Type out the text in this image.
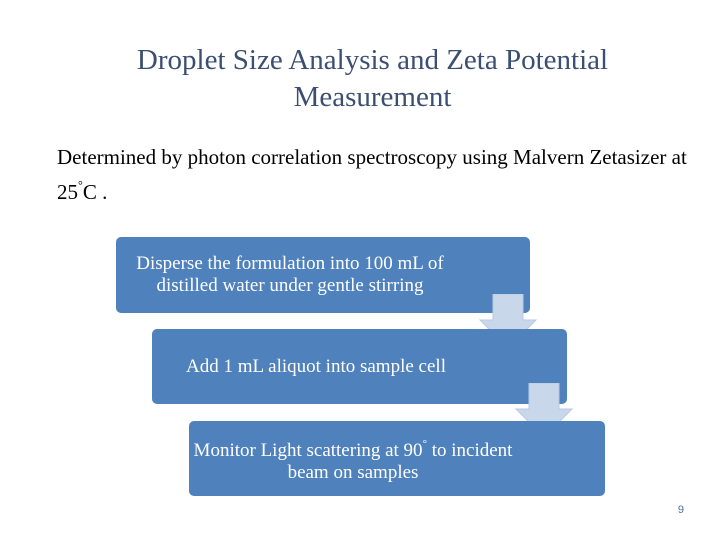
Droplet Size Analysis and Zeta Potential Measurement
Determined by photon correlation spectroscopy using Malvern Zetasizer at 25°C .
Disperse the formulation into 100 mL of distilled water under gentle stirring
Add 1 mL aliquot into sample cell
Monitor Light scattering at 90° to incident beam on samples
9
